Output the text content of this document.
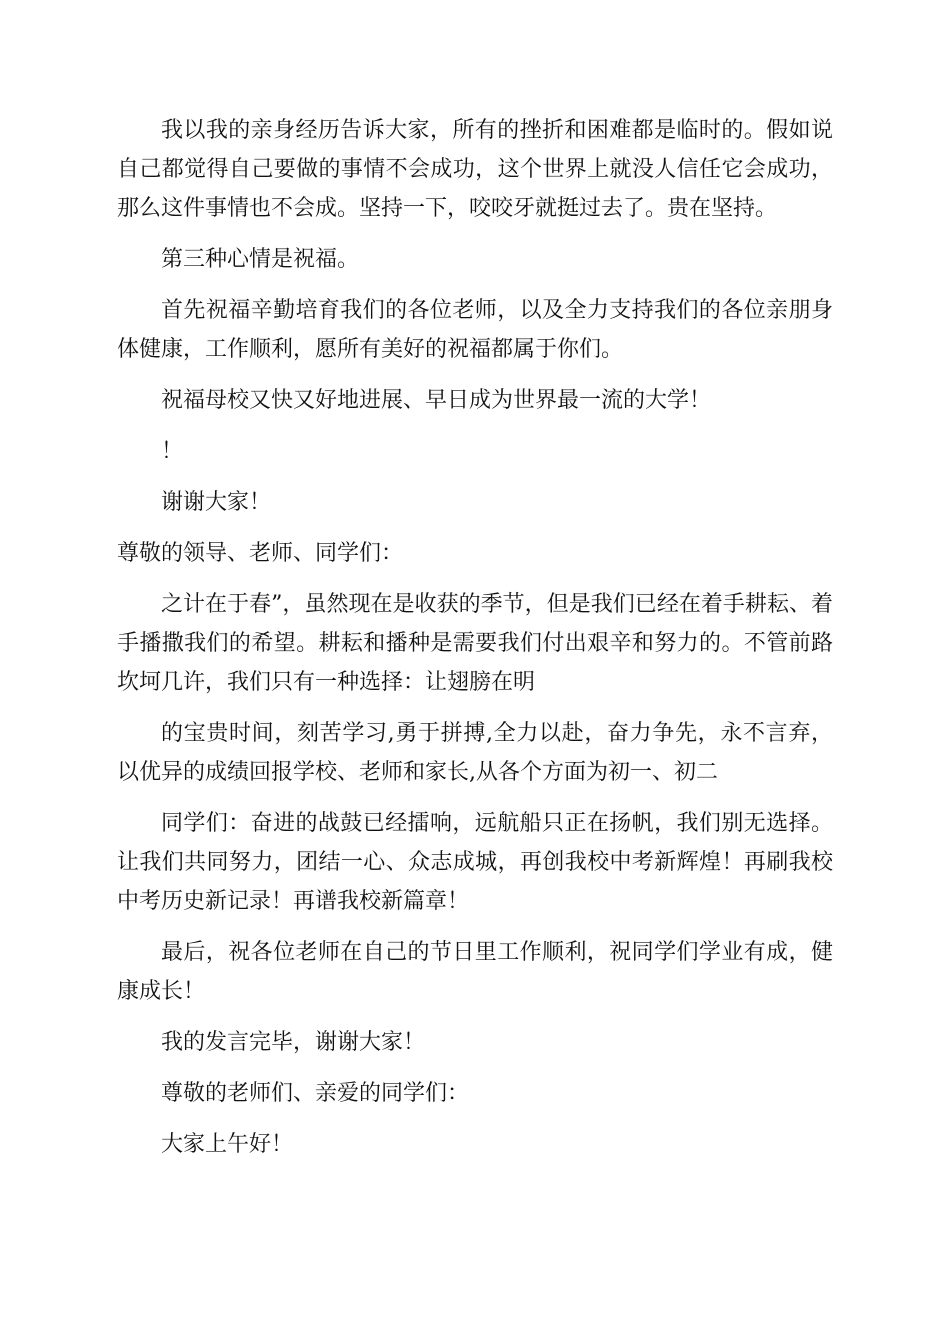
我以我的亲身经历告诉大家，所有的挫折和困难都是临时的。假如说自己都觉得自己要做的事情不会成功，这个世界上就没人信任它会成功，那么这件事情也不会成。坚持一下，咬咬牙就挺过去了。贵在坚持。

第三种心情是祝福。

首先祝福辛勤培育我们的各位老师，以及全力支持我们的各位亲朋身体健康，工作顺利，愿所有美好的祝福都属于你们。

祝福母校又快又好地进展、早日成为世界最一流的大学！

！

谢谢大家！

尊敬的领导、老师、同学们：

之计在于春”，虽然现在是收获的季节，但是我们已经在着手耕耘、着手播撒我们的希望。耕耘和播种是需要我们付出艰辛和努力的。不管前路坎坷几许，我们只有一种选择：让翅膀在明

的宝贵时间，刻苦学习,勇于拼搏,全力以赴，奋力争先，永不言弃，以优异的成绩回报学校、老师和家长,从各个方面为初一、初二

同学们：奋进的战鼓已经擂响，远航船只正在扬帆，我们别无选择。让我们共同努力，团结一心、众志成城，再创我校中考新辉煌！再刷我校中考历史新记录！再谱我校新篇章！

最后，祝各位老师在自己的节日里工作顺利，祝同学们学业有成，健康成长！

我的发言完毕，谢谢大家！

尊敬的老师们、亲爱的同学们：

大家上午好！
